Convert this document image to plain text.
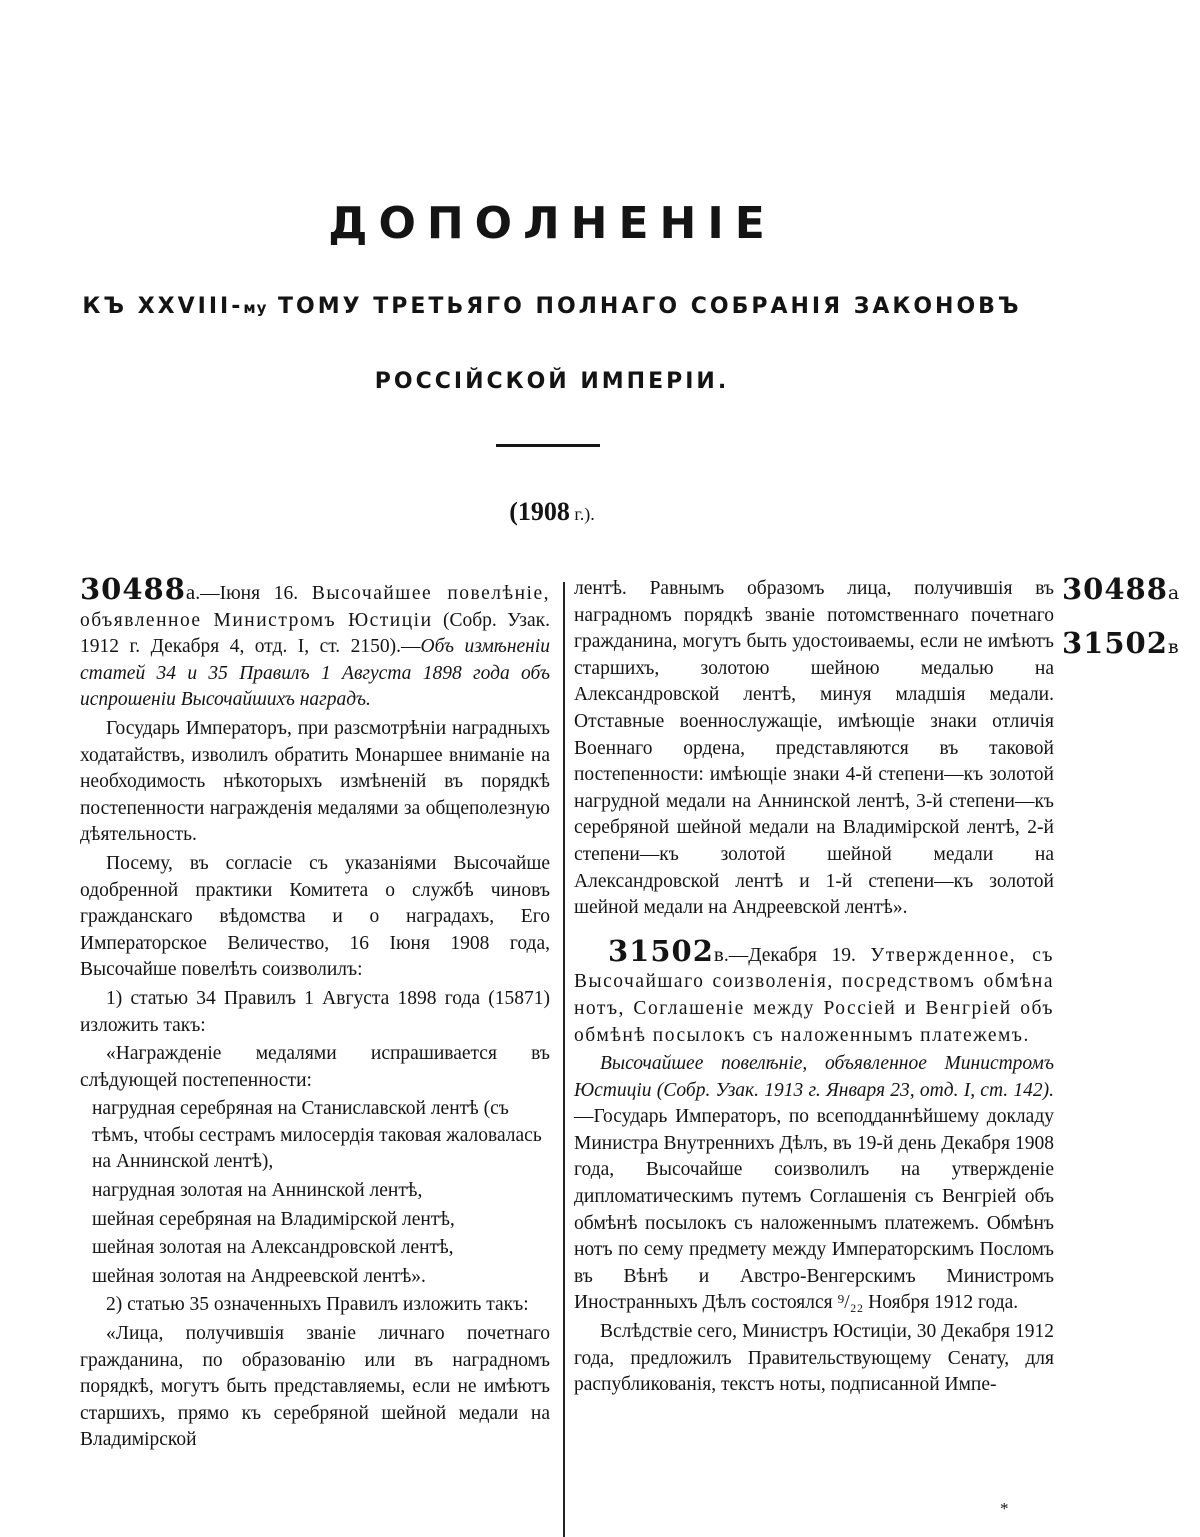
ДОПОЛНЕНІЕ
КЪ XXVIII-му ТОМУ ТРЕТЬЯГО ПОЛНАГО СОБРАНІЯ ЗАКОНОВЪ
РОССІЙСКОЙ ИМПЕРІИ.
(1908 г.).
30488а
31502в

30488а.—Іюня 16. Высочайшее повелѣніе, объявленное Министромъ Юстиціи (Собр. Узак. 1912 г. Декабря 4, отд. I, ст. 2150).—Объ измѣненіи статей 34 и 35 Правилъ 1 Августа 1898 года объ испрошеніи Высочайшихъ наградъ.

Государь Императоръ, при разсмотрѣніи наградныхъ ходатайствъ, изволилъ обратить Монаршее вниманіе на необходимость нѣкоторыхъ измѣненій въ порядкѣ постепенности награжденія медалями за общеполезную дѣятельность.

Посему, въ согласіе съ указаніями Высочайше одобренной практики Комитета о службѣ чиновъ гражданскаго вѣдомства и о наградахъ, Его Императорское Величество, 16 Іюня 1908 года, Высочайше повелѣть соизволилъ:

1) статью 34 Правилъ 1 Августа 1898 года (15871) изложить такъ:

«Награжденіе медалями испрашивается въ слѣдующей постепенности:

нагрудная серебряная на Станиславской лентѣ (съ тѣмъ, чтобы сестрамъ милосердія таковая жаловалась на Аннинской лентѣ),

нагрудная золотая на Аннинской лентѣ,

шейная серебряная на Владимірской лентѣ,

шейная золотая на Александровской лентѣ,

шейная золотая на Андреевской лентѣ».

2) статью 35 означенныхъ Правилъ изложить такъ:

«Лица, получившія званіе личнаго почетнаго гражданина, по образованію или въ наградномъ порядкѣ, могутъ быть представляемы, если не имѣютъ старшихъ, прямо къ серебряной шейной медали на Владимірской

лентѣ. Равнымъ образомъ лица, получившія въ наградномъ порядкѣ званіе потомственнаго почетнаго гражданина, могутъ быть удостоиваемы, если не имѣютъ старшихъ, золотою шейною медалью на Александровской лентѣ, минуя младшія медали. Отставные военнослужащіе, имѣющіе знаки отличія Военнаго ордена, представляются въ таковой постепенности: имѣющіе знаки 4-й степени—къ золотой нагрудной медали на Аннинской лентѣ, 3-й степени—къ серебряной шейной медали на Владимірской лентѣ, 2-й степени—къ золотой шейной медали на Александровской лентѣ и 1-й степени—къ золотой шейной медали на Андреевской лентѣ».

31502в.—Декабря 19. Утвержденное, съ Высочайшаго соизволенія, посредствомъ обмѣна нотъ, Соглашеніе между Россіей и Венгріей объ обмѣнѣ посылокъ съ наложеннымъ платежемъ.

Высочайшее повелѣніе, объявленное Министромъ Юстиціи (Собр. Узак. 1913 г. Января 23, отд. I, ст. 142).—Государь Императоръ, по всеподданнѣйшему докладу Министра Внутреннихъ Дѣлъ, въ 19-й день Декабря 1908 года, Высочайше соизволилъ на утвержденіе дипломатическимъ путемъ Соглашенія съ Венгріей объ обмѣнѣ посылокъ съ наложеннымъ платежемъ. Обмѣнъ нотъ по сему предмету между Императорскимъ Посломъ въ Вѣнѣ и Австро-Венгерскимъ Министромъ Иностранныхъ Дѣлъ состоялся ⁹/₂₂ Ноября 1912 года.

Вслѣдствіе сего, Министръ Юстиціи, 30 Декабря 1912 года, предложилъ Правительствующему Сенату, для распубликованія, текстъ ноты, подписанной Импе-

*
